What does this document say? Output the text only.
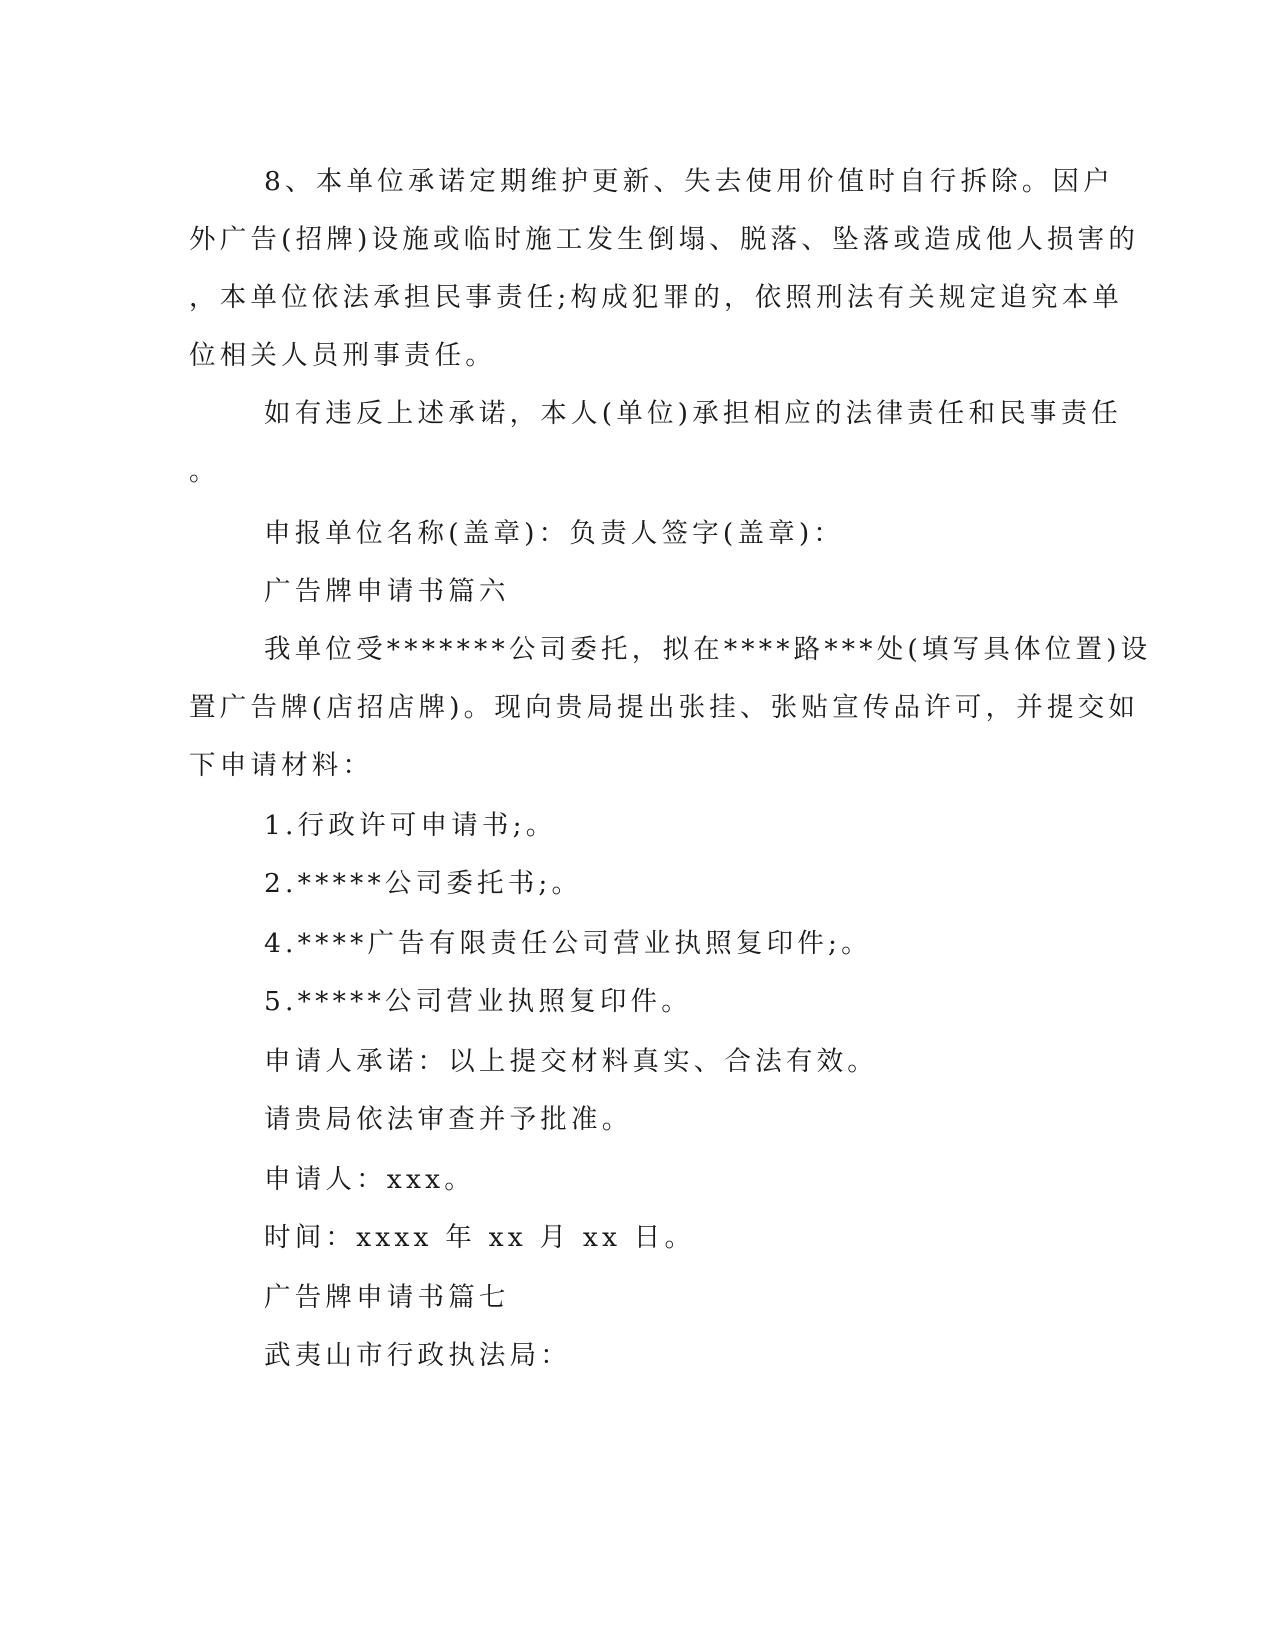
8、本单位承诺定期维护更新、失去使用价值时自行拆除。因户
外广告(招牌)设施或临时施工发生倒塌、脱落、坠落或造成他人损害的
，本单位依法承担民事责任;构成犯罪的，依照刑法有关规定追究本单
位相关人员刑事责任。
如有违反上述承诺，本人(单位)承担相应的法律责任和民事责任
。
申报单位名称(盖章)：负责人签字(盖章)：
广告牌申请书篇六
我单位受*******公司委托，拟在****路***处(填写具体位置)设
置广告牌(店招店牌)。现向贵局提出张挂、张贴宣传品许可，并提交如
下申请材料：
1.行政许可申请书;。
2.*****公司委托书;。
4.****广告有限责任公司营业执照复印件;。
5.*****公司营业执照复印件。
申请人承诺：以上提交材料真实、合法有效。
请贵局依法审查并予批准。
申请人：xxx。
时间：xxxx 年 xx 月 xx 日。
广告牌申请书篇七
武夷山市行政执法局：
